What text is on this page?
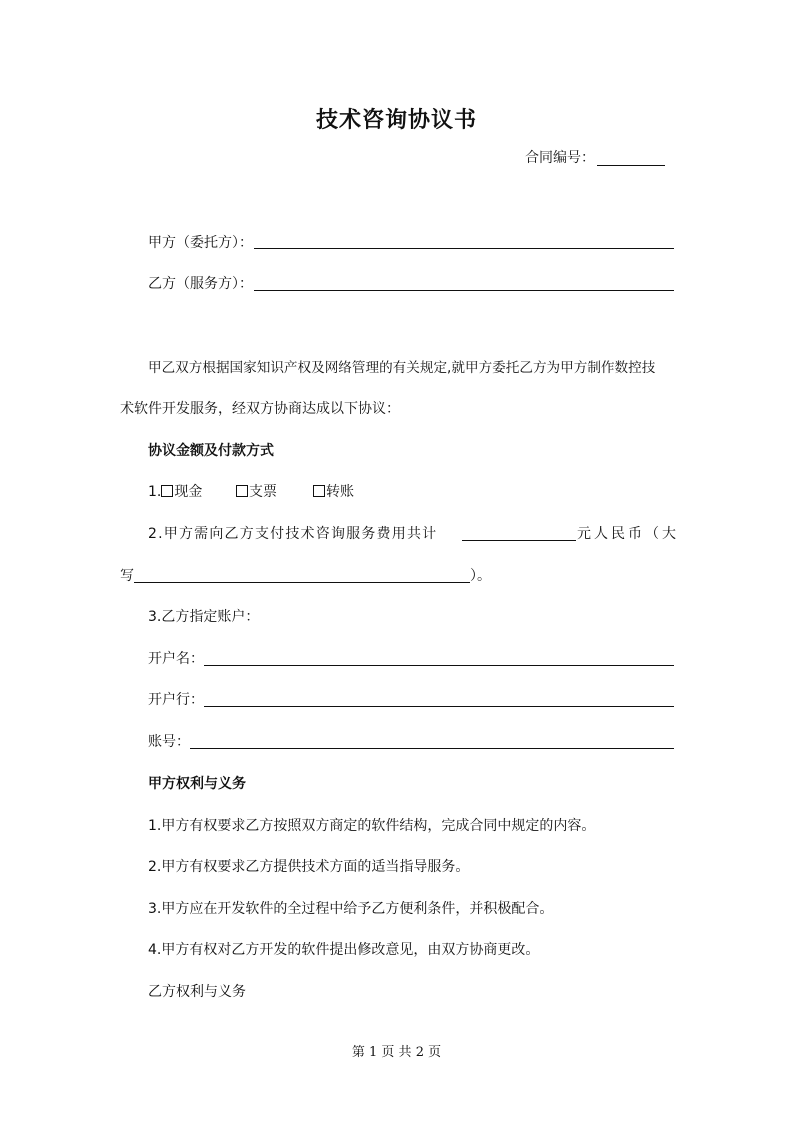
技术咨询协议书
合同编号：
甲方（委托方）：
乙方（服务方）：
甲乙双方根据国家知识产权及网络管理的有关规定,就甲方委托乙方为甲方制作数控技
术软件开发服务，经双方协商达成以下协议：
协议金额及付款方式
1. 现金	支票	转账
2.甲方需向乙方支付技术咨询服务费用共计	元人民币（大
写	）。
3.乙方指定账户：
开户名：
开户行：
账号：
甲方权利与义务
1.甲方有权要求乙方按照双方商定的软件结构，完成合同中规定的内容。
2.甲方有权要求乙方提供技术方面的适当指导服务。
3.甲方应在开发软件的全过程中给予乙方便利条件，并积极配合。
4.甲方有权对乙方开发的软件提出修改意见，由双方协商更改。
乙方权利与义务
第 1 页 共 2 页
